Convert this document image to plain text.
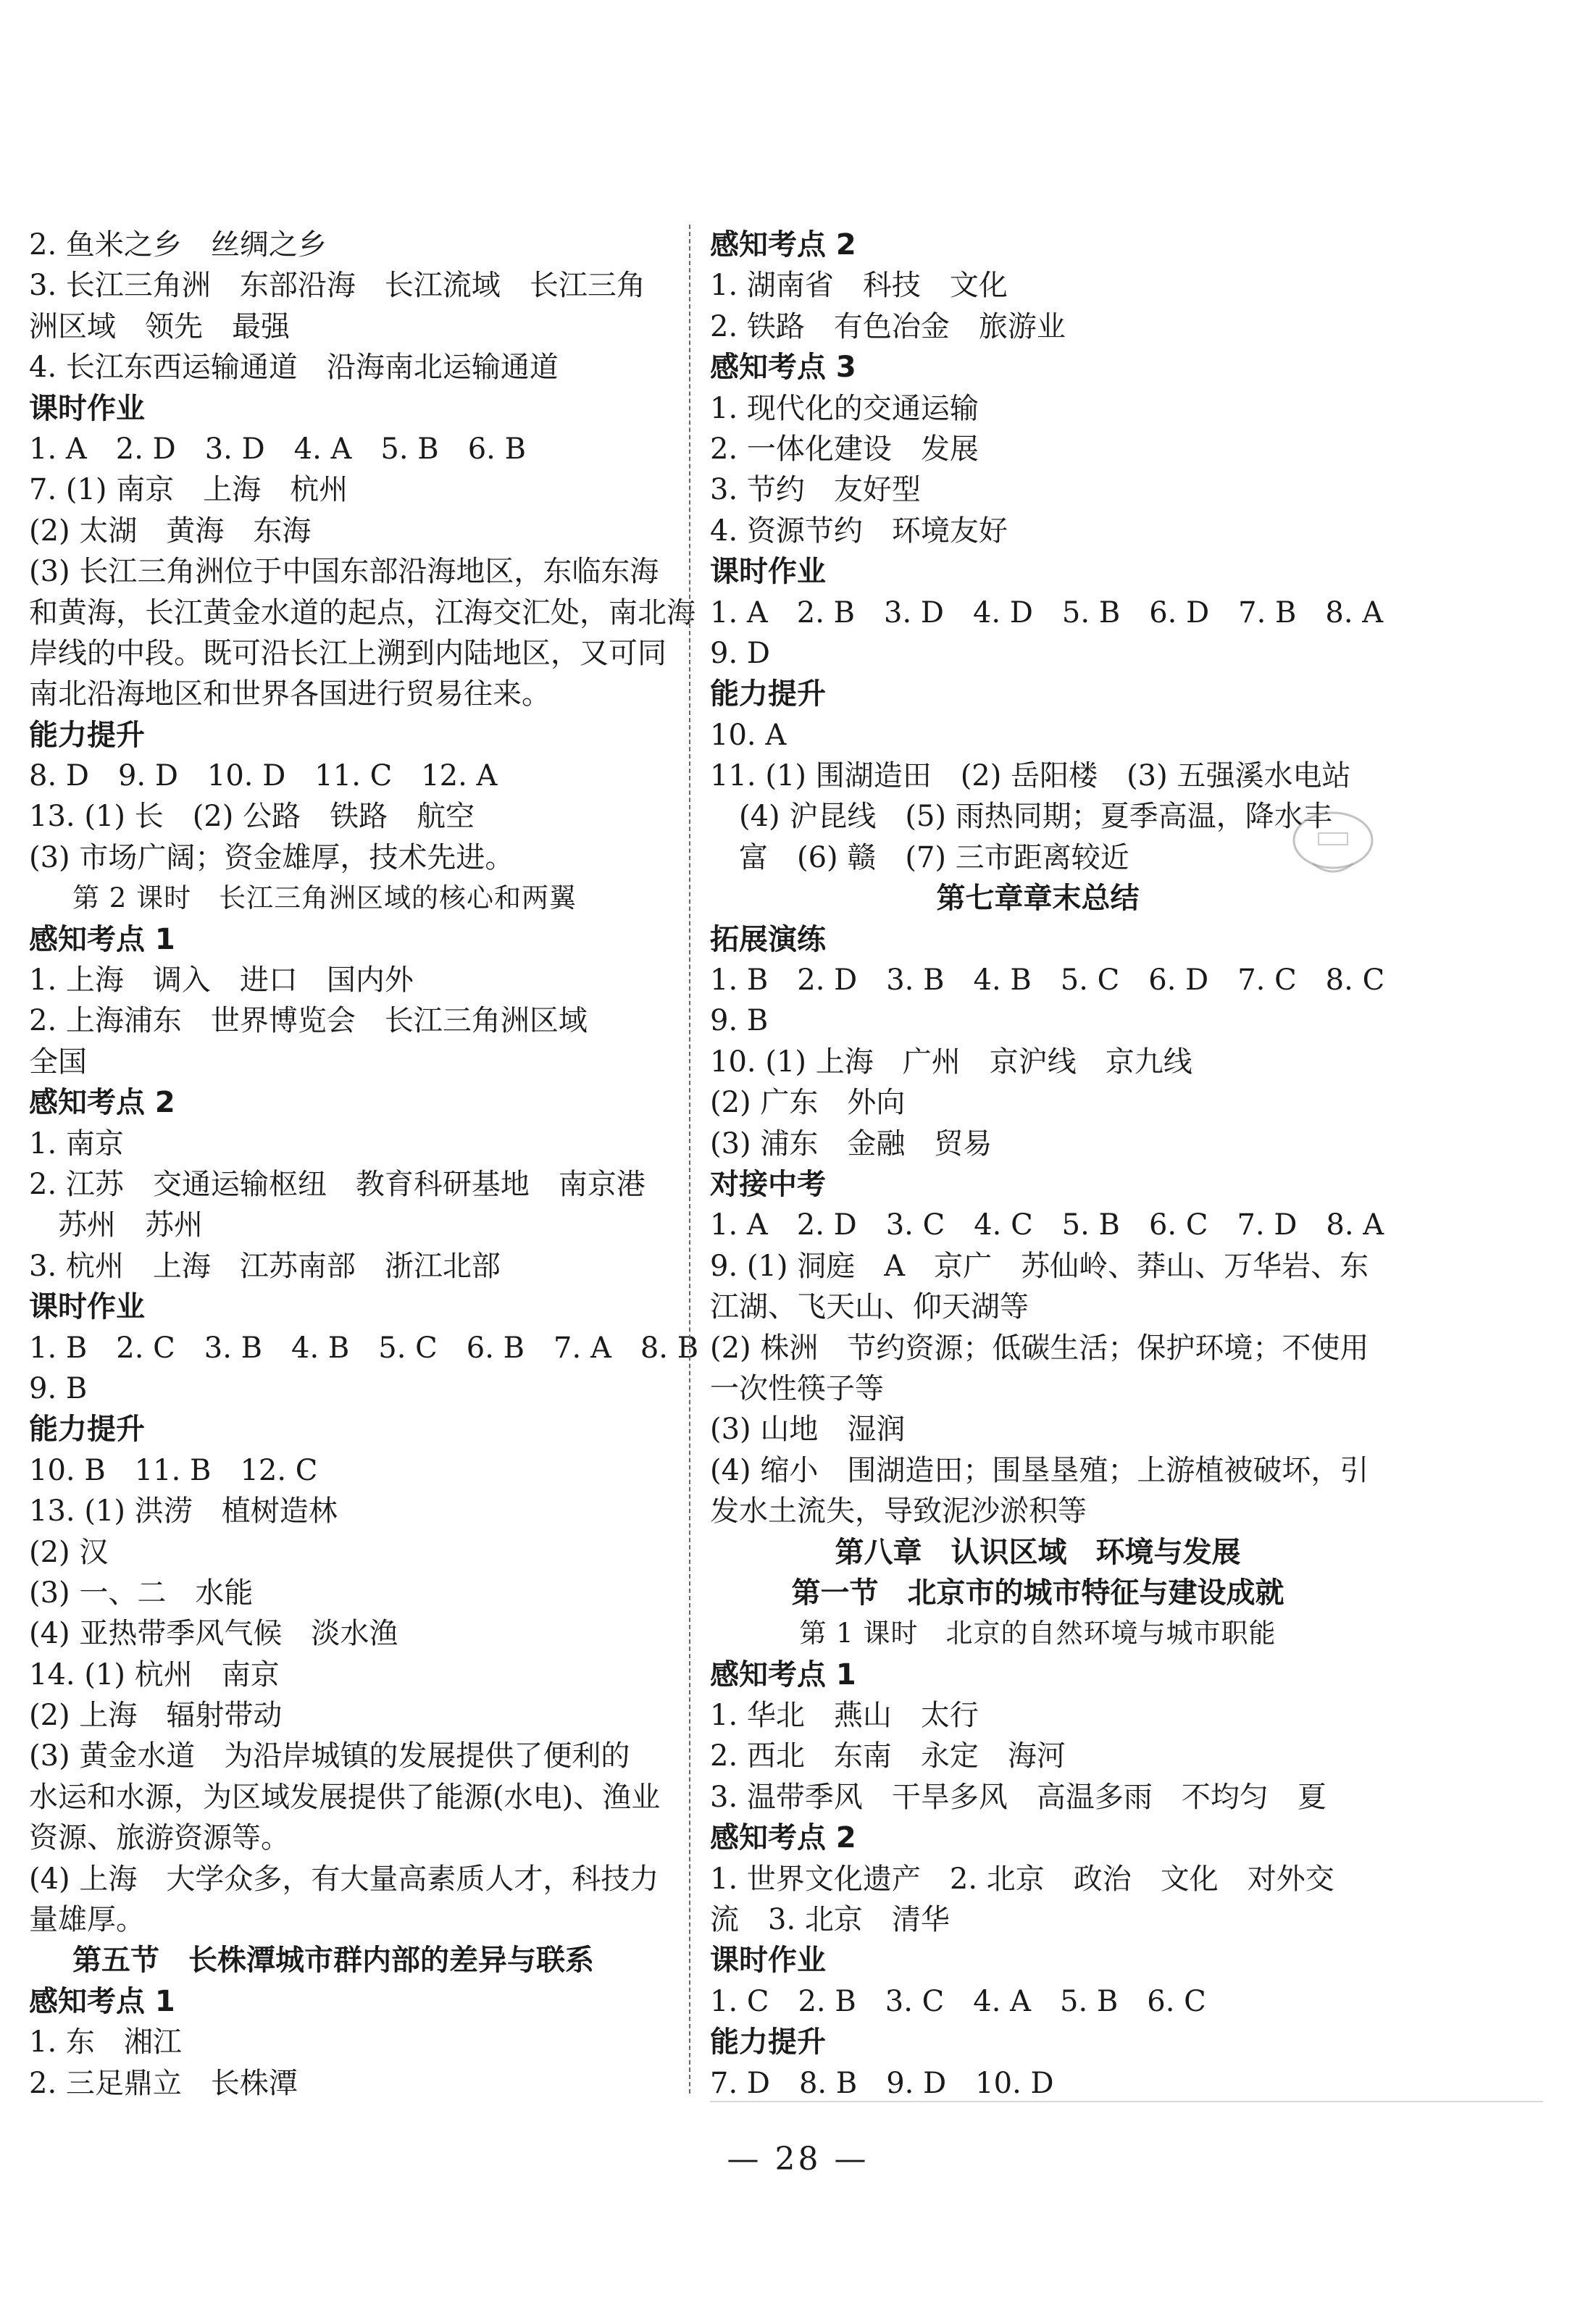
2. 鱼米之乡　丝绸之乡
3. 长江三角洲　东部沿海　长江流域　长江三角
洲区域　领先　最强
4. 长江东西运输通道　沿海南北运输通道
课时作业
1. A　2. D　3. D　4. A　5. B　6. B
7. (1) 南京　上海　杭州
(2) 太湖　黄海　东海
(3) 长江三角洲位于中国东部沿海地区，东临东海
和黄海，长江黄金水道的起点，江海交汇处，南北海
岸线的中段。既可沿长江上溯到内陆地区，又可同
南北沿海地区和世界各国进行贸易往来。
能力提升
8. D　9. D　10. D　11. C　12. A
13. (1) 长　(2) 公路　铁路　航空
(3) 市场广阔；资金雄厚，技术先进。
第 2 课时　长江三角洲区域的核心和两翼
感知考点 1
1. 上海　调入　进口　国内外
2. 上海浦东　世界博览会　长江三角洲区域
全国
感知考点 2
1. 南京
2. 江苏　交通运输枢纽　教育科研基地　南京港
　苏州　苏州
3. 杭州　上海　江苏南部　浙江北部
课时作业
1. B　2. C　3. B　4. B　5. C　6. B　7. A　8. B
9. B
能力提升
10. B　11. B　12. C
13. (1) 洪涝　植树造林
(2) 汉
(3) 一、二　水能
(4) 亚热带季风气候　淡水渔
14. (1) 杭州　南京
(2) 上海　辐射带动
(3) 黄金水道　为沿岸城镇的发展提供了便利的
水运和水源，为区域发展提供了能源(水电)、渔业
资源、旅游资源等。
(4) 上海　大学众多，有大量高素质人才，科技力
量雄厚。
第五节　长株潭城市群内部的差异与联系
感知考点 1
1. 东　湘江
2. 三足鼎立　长株潭
感知考点 2
1. 湖南省　科技　文化
2. 铁路　有色冶金　旅游业
感知考点 3
1. 现代化的交通运输
2. 一体化建设　发展
3. 节约　友好型
4. 资源节约　环境友好
课时作业
1. A　2. B　3. D　4. D　5. B　6. D　7. B　8. A
9. D
能力提升
10. A
11. (1) 围湖造田　(2) 岳阳楼　(3) 五强溪水电站
　(4) 沪昆线　(5) 雨热同期；夏季高温，降水丰
　富　(6) 赣　(7) 三市距离较近
第七章章末总结
拓展演练
1. B　2. D　3. B　4. B　5. C　6. D　7. C　8. C
9. B
10. (1) 上海　广州　京沪线　京九线
(2) 广东　外向
(3) 浦东　金融　贸易
对接中考
1. A　2. D　3. C　4. C　5. B　6. C　7. D　8. A
9. (1) 洞庭　A　京广　苏仙岭、莽山、万华岩、东
江湖、飞天山、仰天湖等
(2) 株洲　节约资源；低碳生活；保护环境；不使用
一次性筷子等
(3) 山地　湿润
(4) 缩小　围湖造田；围垦垦殖；上游植被破坏，引
发水土流失，导致泥沙淤积等
第八章　认识区域　环境与发展
第一节　北京市的城市特征与建设成就
第 1 课时　北京的自然环境与城市职能
感知考点 1
1. 华北　燕山　太行
2. 西北　东南　永定　海河
3. 温带季风　干旱多风　高温多雨　不均匀　夏
感知考点 2
1. 世界文化遗产　2. 北京　政治　文化　对外交
流　3. 北京　清华
课时作业
1. C　2. B　3. C　4. A　5. B　6. C
能力提升
7. D　8. B　9. D　10. D
— 28 —
